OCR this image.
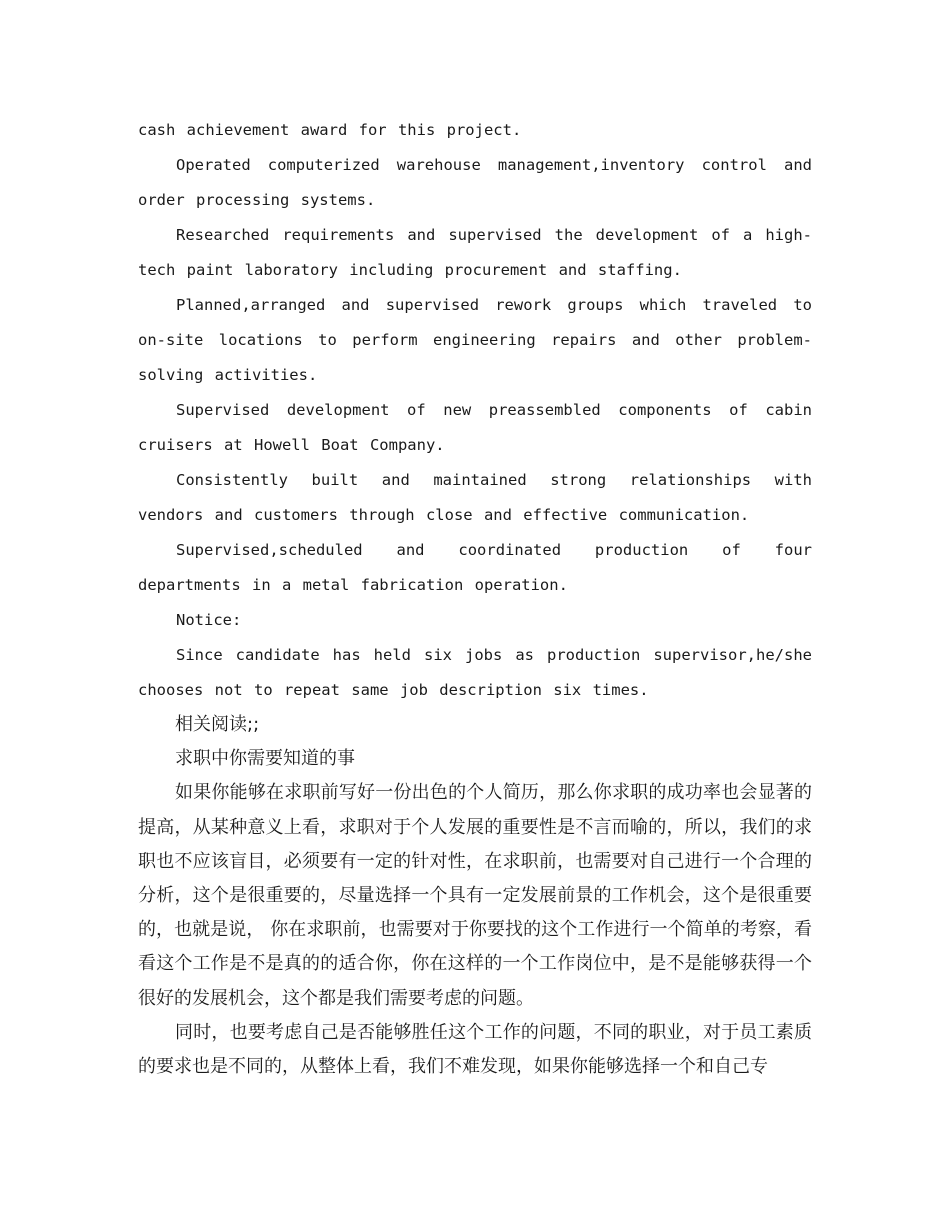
cash achievement award for this project.

Operated computerized warehouse management,inventory control and order processing systems.

Researched requirements and supervised the development of a high-tech paint laboratory including procurement and staffing.

Planned,arranged and supervised rework groups which traveled to on-site locations to perform engineering repairs and other problem-solving activities.

Supervised development of new preassembled components of cabin cruisers at Howell Boat Company.

Consistently built and maintained strong relationships with vendors and customers through close and effective communication.

Supervised,scheduled and coordinated production of four departments in a metal fabrication operation.

Notice:

Since candidate has held six jobs as production supervisor,he/she chooses not to repeat same job description six times.

相关阅读;;

求职中你需要知道的事

如果你能够在求职前写好一份出色的个人简历，那么你求职的成功率也会显著的提高，从某种意义上看，求职对于个人发展的重要性是不言而喻的，所以，我们的求职也不应该盲目，必须要有一定的针对性，在求职前，也需要对自己进行一个合理的分析，这个是很重要的，尽量选择一个具有一定发展前景的工作机会，这个是很重要的，也就是说， 你在求职前，也需要对于你要找的这个工作进行一个简单的考察，看看这个工作是不是真的的适合你，你在这样的一个工作岗位中，是不是能够获得一个很好的发展机会，这个都是我们需要考虑的问题。

同时，也要考虑自己是否能够胜任这个工作的问题，不同的职业，对于员工素质的要求也是不同的，从整体上看，我们不难发现，如果你能够选择一个和自己专
